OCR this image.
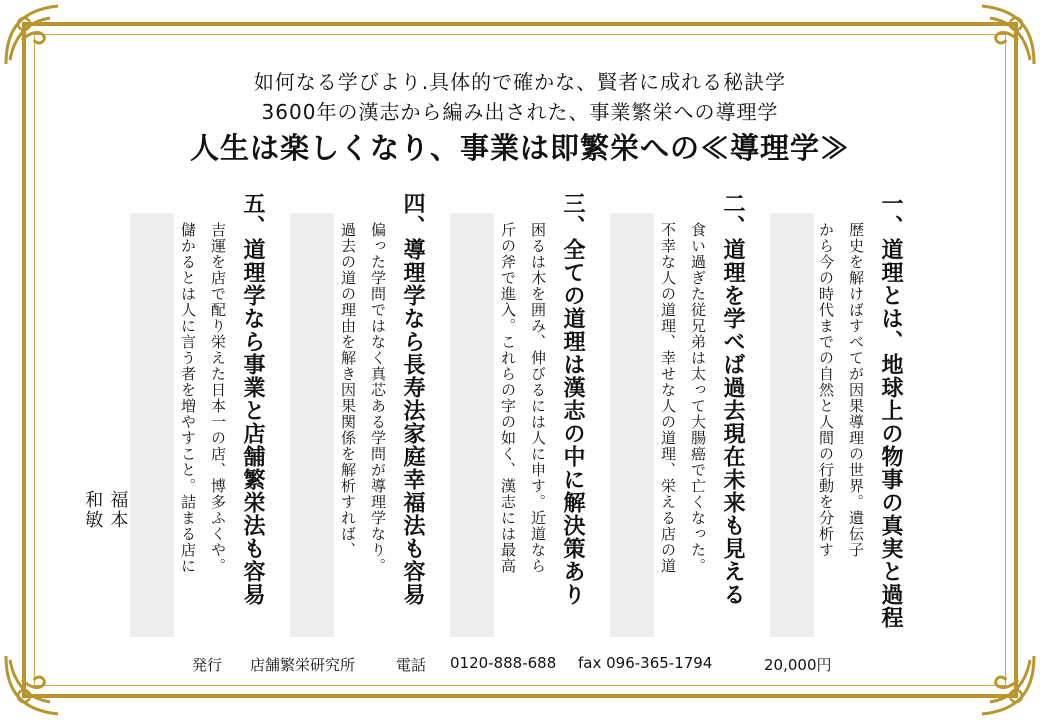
如何なる学びより.具体的で確かな、賢者に成れる秘訣学
3600年の漢志から編み出された、事業繁栄への導理学
人生は楽しくなり、事業は即繁栄への≪導理学≫
一、道理とは、地球上の物事の真実と過程
歴史を解けばすべてが因果導理の世界。遺伝子
から今の時代までの自然と人間の行動を分析す
二、道理を学べば過去現在未来も見える
食い過ぎた従兄弟は太って大腸癌で亡くなった。
不幸な人の道理、幸せな人の道理、栄える店の道
三、全ての道理は漢志の中に解決策あり
困るは木を囲み、伸びるには人に申す。近道なら
斤の斧で進入。これらの字の如く、漢志には最高
四、導理学なら長寿法家庭幸福法も容易
偏った学問ではなく真芯ある学問が導理学なり。
過去の道の理由を解き因果関係を解析すれば、
五、道理学なら事業と店舗繁栄法も容易
吉運を店で配り栄えた日本一の店、博多ふくや。
儲かるとは人に言う者を増やすこと。詰まる店に
福本
和敏
発行 店舗繁栄研究所	電話 0120-888-688 fax 096-365-1794	20,000円
